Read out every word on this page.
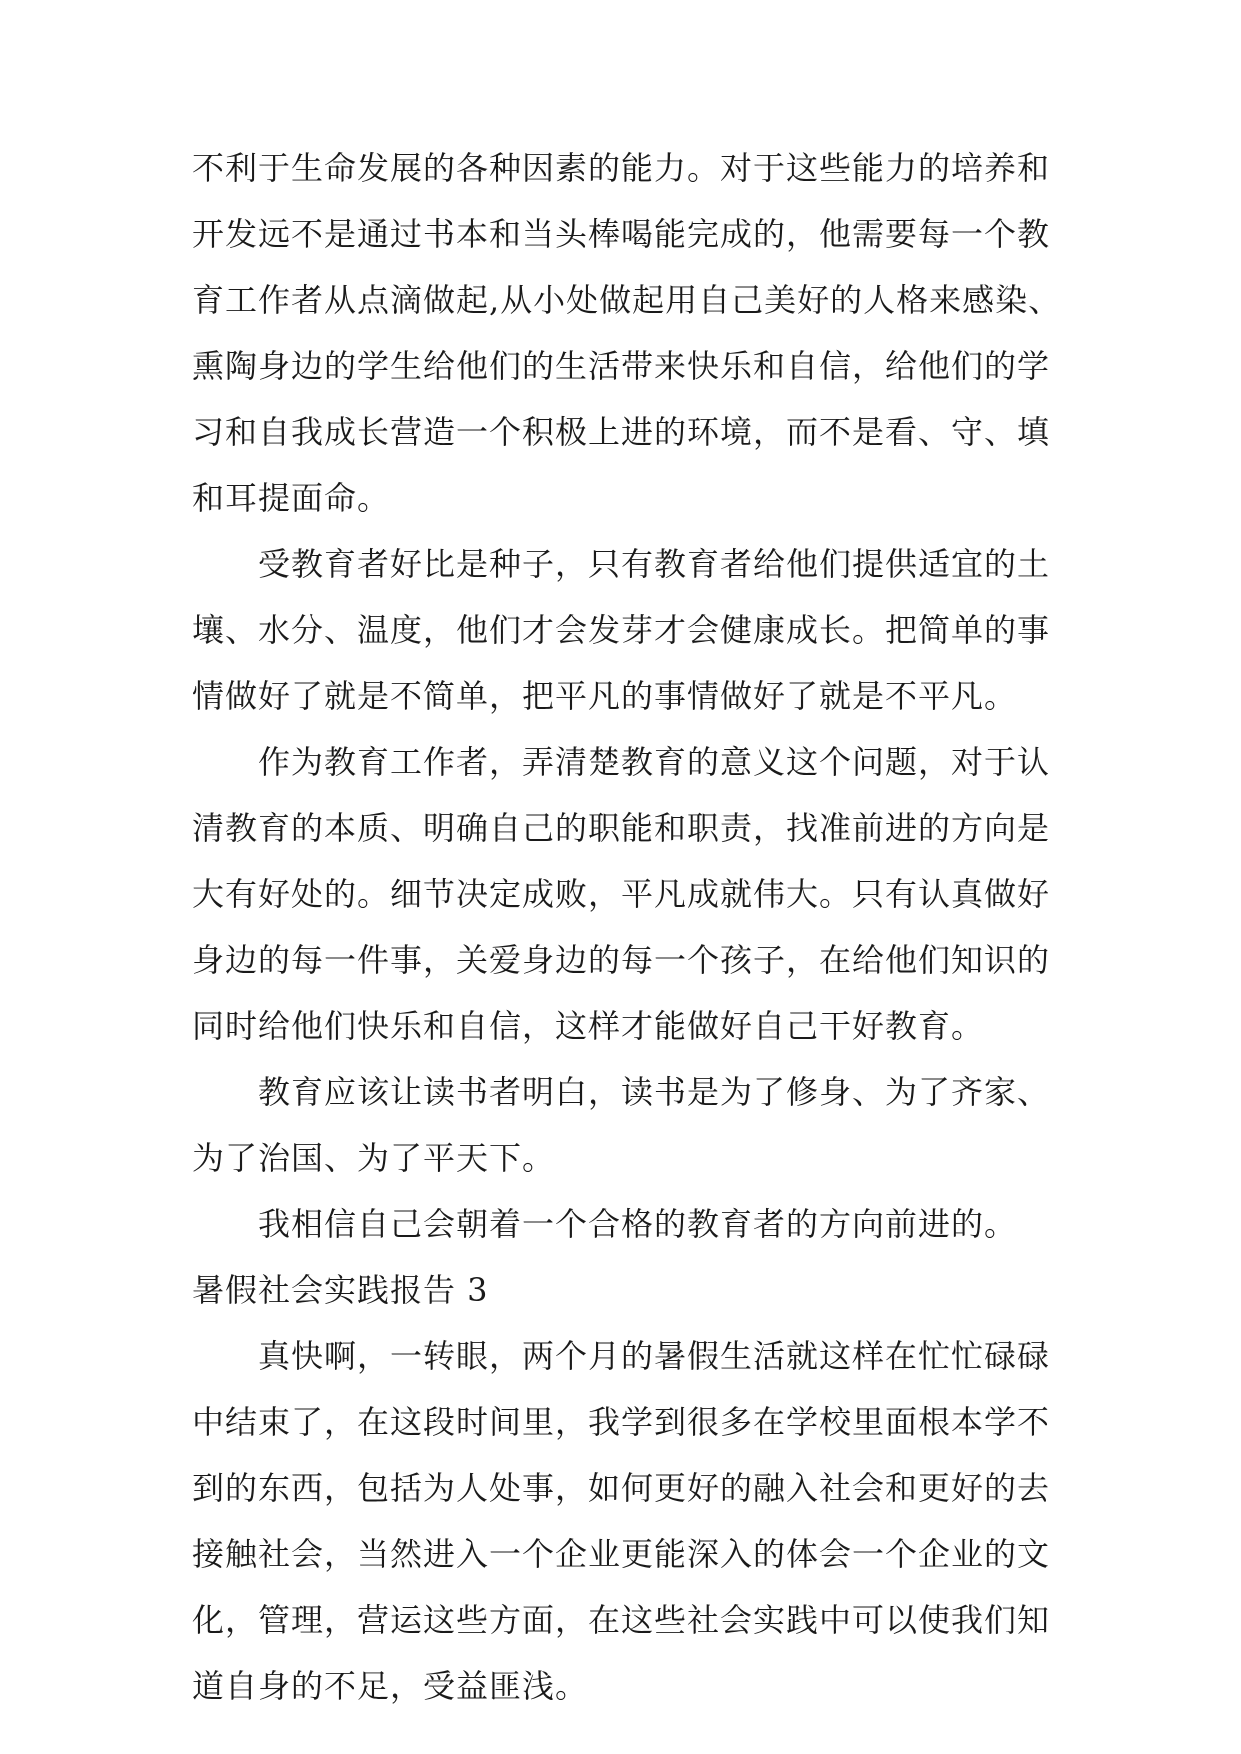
不利于生命发展的各种因素的能力。对于这些能力的培养和
开发远不是通过书本和当头棒喝能完成的，他需要每一个教
育工作者从点滴做起,从小处做起用自己美好的人格来感染、
熏陶身边的学生给他们的生活带来快乐和自信，给他们的学
习和自我成长营造一个积极上进的环境，而不是看、守、填
和耳提面命。
受教育者好比是种子，只有教育者给他们提供适宜的土
壤、水分、温度，他们才会发芽才会健康成长。把简单的事
情做好了就是不简单，把平凡的事情做好了就是不平凡。
作为教育工作者，弄清楚教育的意义这个问题，对于认
清教育的本质、明确自己的职能和职责，找准前进的方向是
大有好处的。细节决定成败，平凡成就伟大。只有认真做好
身边的每一件事，关爱身边的每一个孩子，在给他们知识的
同时给他们快乐和自信，这样才能做好自己干好教育。
教育应该让读书者明白，读书是为了修身、为了齐家、
为了治国、为了平天下。
我相信自己会朝着一个合格的教育者的方向前进的。
暑假社会实践报告 3
真快啊，一转眼，两个月的暑假生活就这样在忙忙碌碌
中结束了，在这段时间里，我学到很多在学校里面根本学不
到的东西，包括为人处事，如何更好的融入社会和更好的去
接触社会，当然进入一个企业更能深入的体会一个企业的文
化，管理，营运这些方面，在这些社会实践中可以使我们知
道自身的不足，受益匪浅。
